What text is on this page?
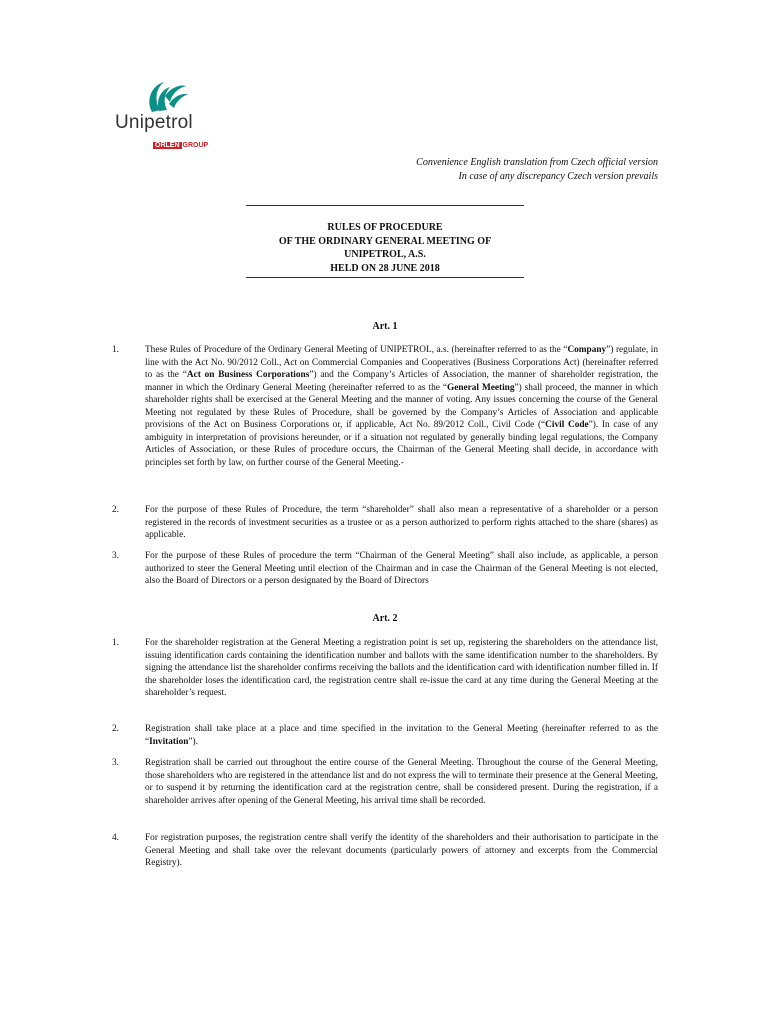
Unipetrol
ORLEN GROUP
Convenience English translation from Czech official version
In case of any discrepancy Czech version prevails
RULES OF PROCEDURE
OF THE ORDINARY GENERAL MEETING OF
UNIPETROL, A.S.
HELD ON 28 JUNE 2018
Art. 1
1.	These Rules of Procedure of the Ordinary General Meeting of UNIPETROL, a.s. (hereinafter referred to as the “Company”) regulate, in line with the Act No. 90/2012 Coll., Act on Commercial Companies and Cooperatives (Business Corporations Act) (hereinafter referred to as the “Act on Business Corporations”) and the Company’s Articles of Association, the manner of shareholder registration, the manner in which the Ordinary General Meeting (hereinafter referred to as the “General Meeting”) shall proceed, the manner in which shareholder rights shall be exercised at the General Meeting and the manner of voting. Any issues concerning the course of the General Meeting not regulated by these Rules of Procedure, shall be governed by the Company’s Articles of Association and applicable provisions of the Act on Business Corporations or, if applicable, Act No. 89/2012 Coll., Civil Code (“Civil Code”). In case of any ambiguity in interpretation of provisions hereunder, or if a situation not regulated by generally binding legal regulations, the Company Articles of Association, or these Rules of procedure occurs, the Chairman of the General Meeting shall decide, in accordance with principles set forth by law, on further course of the General Meeting.-
2.	For the purpose of these Rules of Procedure, the term “shareholder” shall also mean a representative of a shareholder or a person registered in the records of investment securities as a trustee or as a person authorized to perform rights attached to the share (shares) as applicable.
3.	For the purpose of these Rules of procedure the term “Chairman of the General Meeting” shall also include, as applicable, a person authorized to steer the General Meeting until election of the Chairman and in case the Chairman of the General Meeting is not elected, also the Board of Directors or a person designated by the Board of Directors
Art. 2
1.	For the shareholder registration at the General Meeting a registration point is set up, registering the shareholders on the attendance list, issuing identification cards containing the identification number and ballots with the same identification number to the shareholders. By signing the attendance list the shareholder confirms receiving the ballots and the identification card with identification number filled in. If the shareholder loses the identification card, the registration centre shall re-issue the card at any time during the General Meeting at the shareholder’s request.
2.	Registration shall take place at a place and time specified in the invitation to the General Meeting (hereinafter referred to as the “Invitation”).
3.	Registration shall be carried out throughout the entire course of the General Meeting. Throughout the course of the General Meeting, those shareholders who are registered in the attendance list and do not express the will to terminate their presence at the General Meeting, or to suspend it by returning the identification card at the registration centre, shall be considered present. During the registration, if a shareholder arrives after opening of the General Meeting, his arrival time shall be recorded.
4.	For registration purposes, the registration centre shall verify the identity of the shareholders and their authorisation to participate in the General Meeting and shall take over the relevant documents (particularly powers of attorney and excerpts from the Commercial Registry).
